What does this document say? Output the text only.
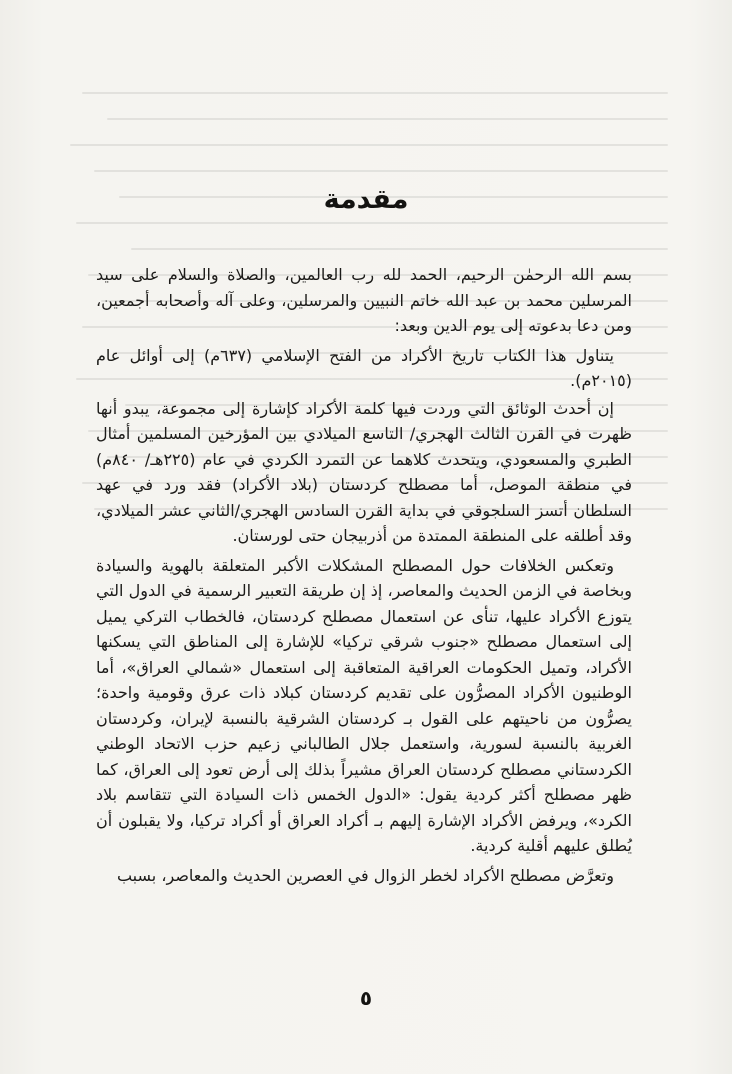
مقدمة

بسم الله الرحمٰن الرحيم، الحمد لله رب العالمين، والصلاة والسلام على سيد المرسلين محمد بن عبد الله خاتم النبيين والمرسلين، وعلى آله وأصحابه أجمعين، ومن دعا بدعوته إلى يوم الدين وبعد:

يتناول هذا الكتاب تاريخ الأكراد من الفتح الإسلامي (٦٣٧م) إلى أوائل عام (٢٠١٥م).

إن أحدث الوثائق التي وردت فيها كلمة الأكراد كإشارة إلى مجموعة، يبدو أنها ظهرت في القرن الثالث الهجري/ التاسع الميلادي بين المؤرخين المسلمين أمثال الطبري والمسعودي، ويتحدث كلاهما عن التمرد الكردي في عام (٢٢٥هـ/ ٨٤٠م) في منطقة الموصل، أما مصطلح كردستان (بلاد الأكراد) فقد ورد في عهد السلطان أتسز السلجوقي في بداية القرن السادس الهجري/الثاني عشر الميلادي، وقد أطلقه على المنطقة الممتدة من أذربيجان حتى لورستان.

وتعكس الخلافات حول المصطلح المشكلات الأكبر المتعلقة بالهوية والسيادة وبخاصة في الزمن الحديث والمعاصر، إذ إن طريقة التعبير الرسمية في الدول التي يتوزع الأكراد عليها، تنأى عن استعمال مصطلح كردستان، فالخطاب التركي يميل إلى استعمال مصطلح «جنوب شرقي تركيا» للإشارة إلى المناطق التي يسكنها الأكراد، وتميل الحكومات العراقية المتعاقبة إلى استعمال «شمالي العراق»، أما الوطنيون الأكراد المصرُّون على تقديم كردستان كبلاد ذات عرق وقومية واحدة؛ يصرُّون من ناحيتهم على القول بـ كردستان الشرقية بالنسبة لإيران، وكردستان الغربية بالنسبة لسورية، واستعمل جلال الطالباني زعيم حزب الاتحاد الوطني الكردستاني مصطلح كردستان العراق مشيراً بذلك إلى أرض تعود إلى العراق، كما ظهر مصطلح أكثر كردية يقول: «الدول الخمس ذات السيادة التي تتقاسم بلاد الكرد»، ويرفض الأكراد الإشارة إليهم بـ أكراد العراق أو أكراد تركيا، ولا يقبلون أن يُطلق عليهم أقلية كردية.

وتعرَّض مصطلح الأكراد لخطر الزوال في العصرين الحديث والمعاصر، بسبب

٥
